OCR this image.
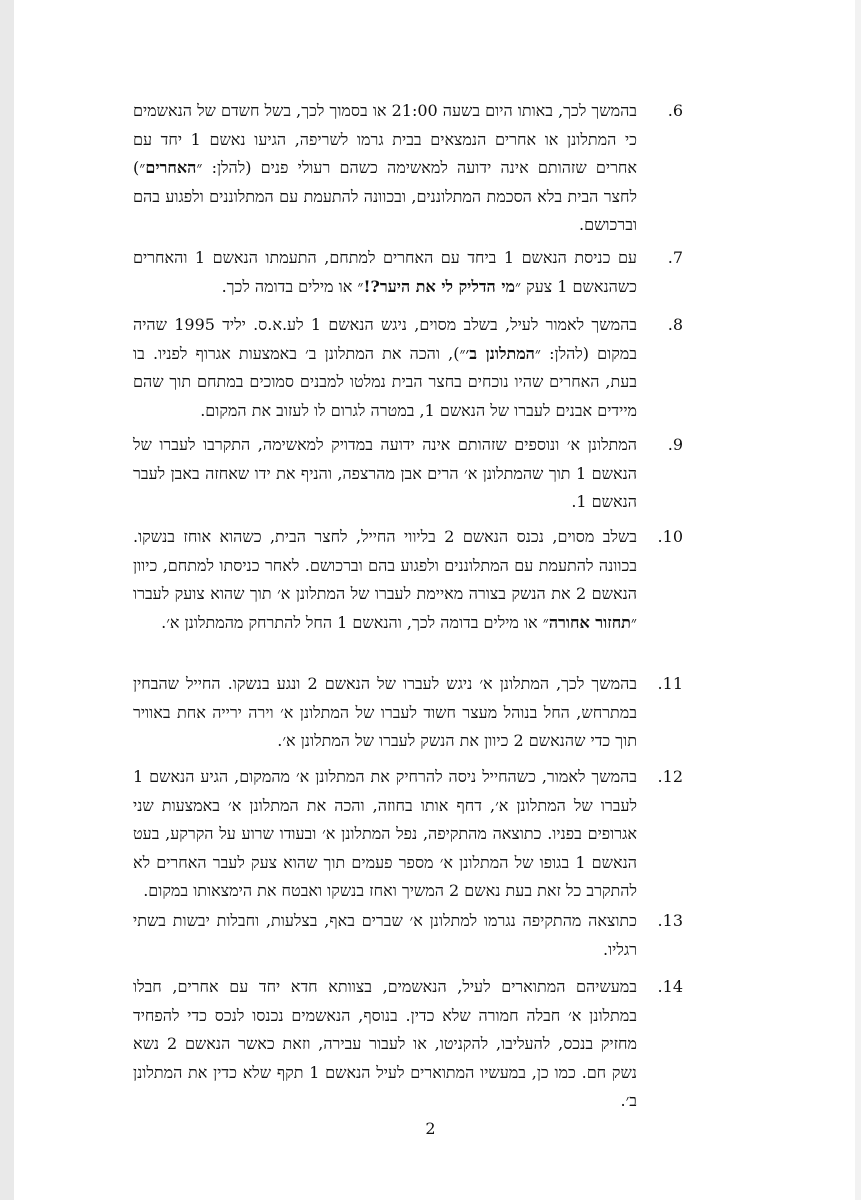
.6
בהמשך לכך, באותו היום בשעה 21:00 או בסמוך לכך, בשל חשדם של הנאשמים כי המתלונן או אחרים הנמצאים בבית גרמו לשריפה, הגיעו נאשם 1 יחד עם אחרים שזהותם אינה ידועה למאשימה כשהם רעולי פנים (להלן: ״האחרים״) לחצר הבית בלא הסכמת המתלוננים, ובכוונה להתעמת עם המתלוננים ולפגוע בהם וברכושם.
.7
עם כניסת הנאשם 1 ביחד עם האחרים למתחם, התעמתו הנאשם 1 והאחרים כשהנאשם 1 צעק ״מי הדליק לי את היער?!״ או מילים בדומה לכך.
.8
בהמשך לאמור לעיל, בשלב מסוים, ניגש הנאשם 1 לע.א.ס. יליד 1995 שהיה במקום (להלן: ״המתלונן ב׳״), והכה את המתלונן ב׳ באמצעות אגרוף לפניו. בו בעת, האחרים שהיו נוכחים בחצר הבית נמלטו למבנים סמוכים במתחם תוך שהם מיידים אבנים לעברו של הנאשם 1, במטרה לגרום לו לעזוב את המקום.
.9
המתלונן א׳ ונוספים שזהותם אינה ידועה במדויק למאשימה, התקרבו לעברו של הנאשם 1 תוך שהמתלונן א׳ הרים אבן מהרצפה, והניף את ידו שאחזה באבן לעבר הנאשם 1.
.10
בשלב מסוים, נכנס הנאשם 2 בליווי החייל, לחצר הבית, כשהוא אוחז בנשקו. בכוונה להתעמת עם המתלוננים ולפגוע בהם וברכושם. לאחר כניסתו למתחם, כיוון הנאשם 2 את הנשק בצורה מאיימת לעברו של המתלונן א׳ תוך שהוא צועק לעברו ״תחזור אחורה״ או מילים בדומה לכך, והנאשם 1 החל להתרחק מהמתלונן א׳.
.11
בהמשך לכך, המתלונן א׳ ניגש לעברו של הנאשם 2 ונגע בנשקו. החייל שהבחין במתרחש, החל בנוהל מעצר חשוד לעברו של המתלונן א׳ וירה ירייה אחת באוויר תוך כדי שהנאשם 2 כיוון את הנשק לעברו של המתלונן א׳.
.12
בהמשך לאמור, כשהחייל ניסה להרחיק את המתלונן א׳ מהמקום, הגיע הנאשם 1 לעברו של המתלונן א׳, דחף אותו בחוזה, והכה את המתלונן א׳ באמצעות שני אגרופים בפניו. כתוצאה מהתקיפה, נפל המתלונן א׳ ובעודו שרוע על הקרקע, בעט הנאשם 1 בגופו של המתלונן א׳ מספר פעמים תוך שהוא צעק לעבר האחרים לא להתקרב כל זאת בעת נאשם 2 המשיך ואחז בנשקו ואבטח את הימצאותו במקום.
.13
כתוצאה מהתקיפה נגרמו למתלונן א׳ שברים באף, בצלעות, וחבלות יבשות בשתי רגליו.
.14
במעשיהם המתוארים לעיל, הנאשמים, בצוותא חדא יחד עם אחרים, חבלו במתלונן א׳ חבלה חמורה שלא כדין. בנוסף, הנאשמים נכנסו לנכס כדי להפחיד מחזיק בנכס, להעליבו, להקניטו, או לעבור עבירה, וזאת כאשר הנאשם 2 נשא נשק חם. כמו כן, במעשיו המתוארים לעיל הנאשם 1 תקף שלא כדין את המתלונן ב׳.
2
